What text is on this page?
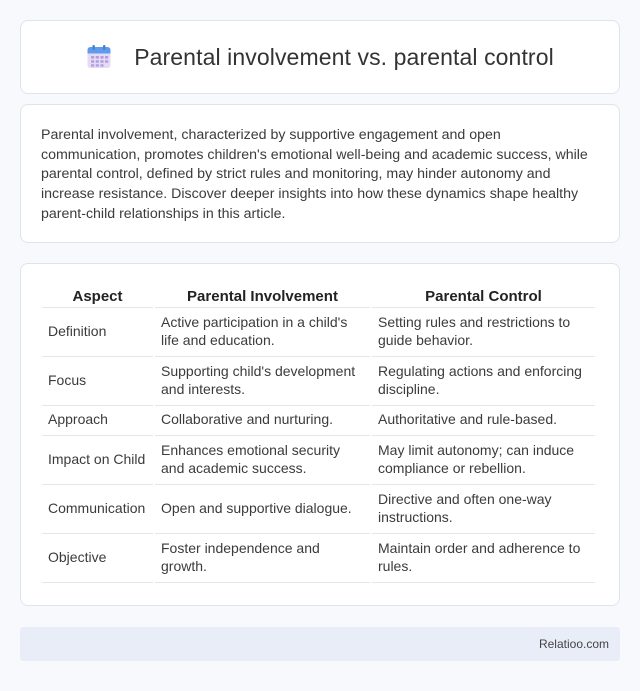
Parental involvement vs. parental control

Parental involvement, characterized by supportive engagement and open communication, promotes children's emotional well-being and academic success, while parental control, defined by strict rules and monitoring, may hinder autonomy and increase resistance. Discover deeper insights into how these dynamics shape healthy parent-child relationships in this article.

Aspect	Parental Involvement	Parental Control
Definition	Active participation in a child's life and education.	Setting rules and restrictions to guide behavior.
Focus	Supporting child's development and interests.	Regulating actions and enforcing discipline.
Approach	Collaborative and nurturing.	Authoritative and rule-based.
Impact on Child	Enhances emotional security and academic success.	May limit autonomy; can induce compliance or rebellion.
Communication	Open and supportive dialogue.	Directive and often one-way instructions.
Objective	Foster independence and growth.	Maintain order and adherence to rules.
Relatioo.com
